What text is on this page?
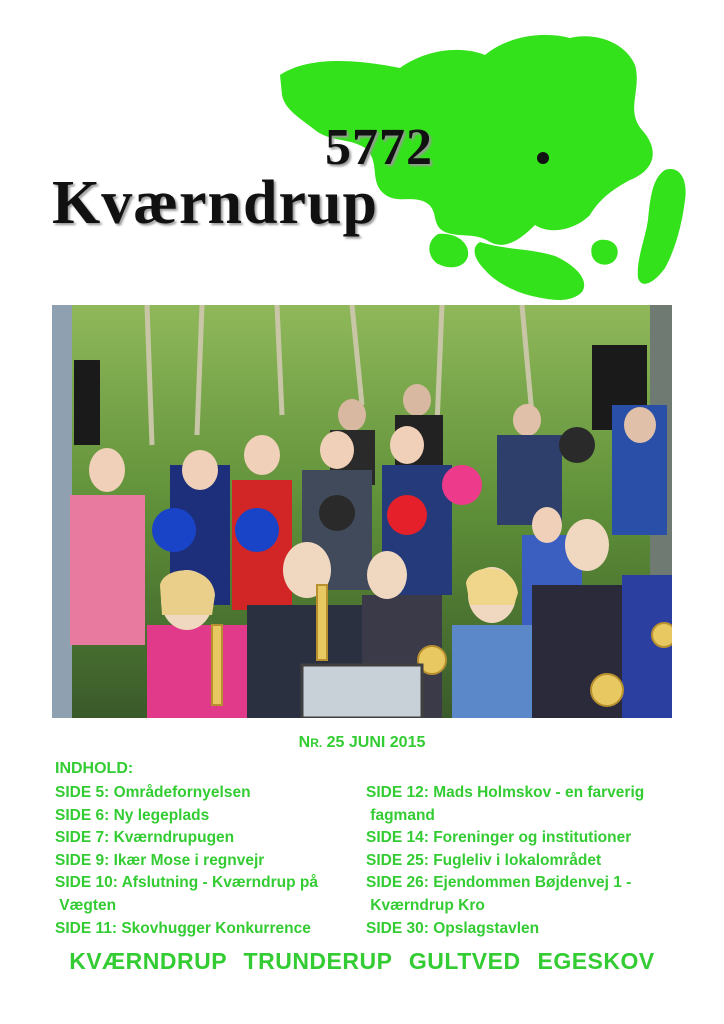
5772
Kværndrup
NR. 25 JUNI 2015
INDHOLD:
SIDE 5: Områdefornyelsen
SIDE 6: Ny legeplads
SIDE 7: Kværndrupugen
SIDE 9: Ikær Mose i regnvejr
SIDE 10: Afslutning - Kværndrup på
Vægten
SIDE 11: Skovhugger Konkurrence
SIDE 12: Mads Holmskov - en farverig
fagmand
SIDE 14: Foreninger og institutioner
SIDE 25: Fugleliv i lokalområdet
SIDE 26: Ejendommen Bøjdenvej 1 -
Kværndrup Kro
SIDE 30: Opslagstavlen
KVÆRNDRUP TRUNDERUP GULTVED EGESKOV
